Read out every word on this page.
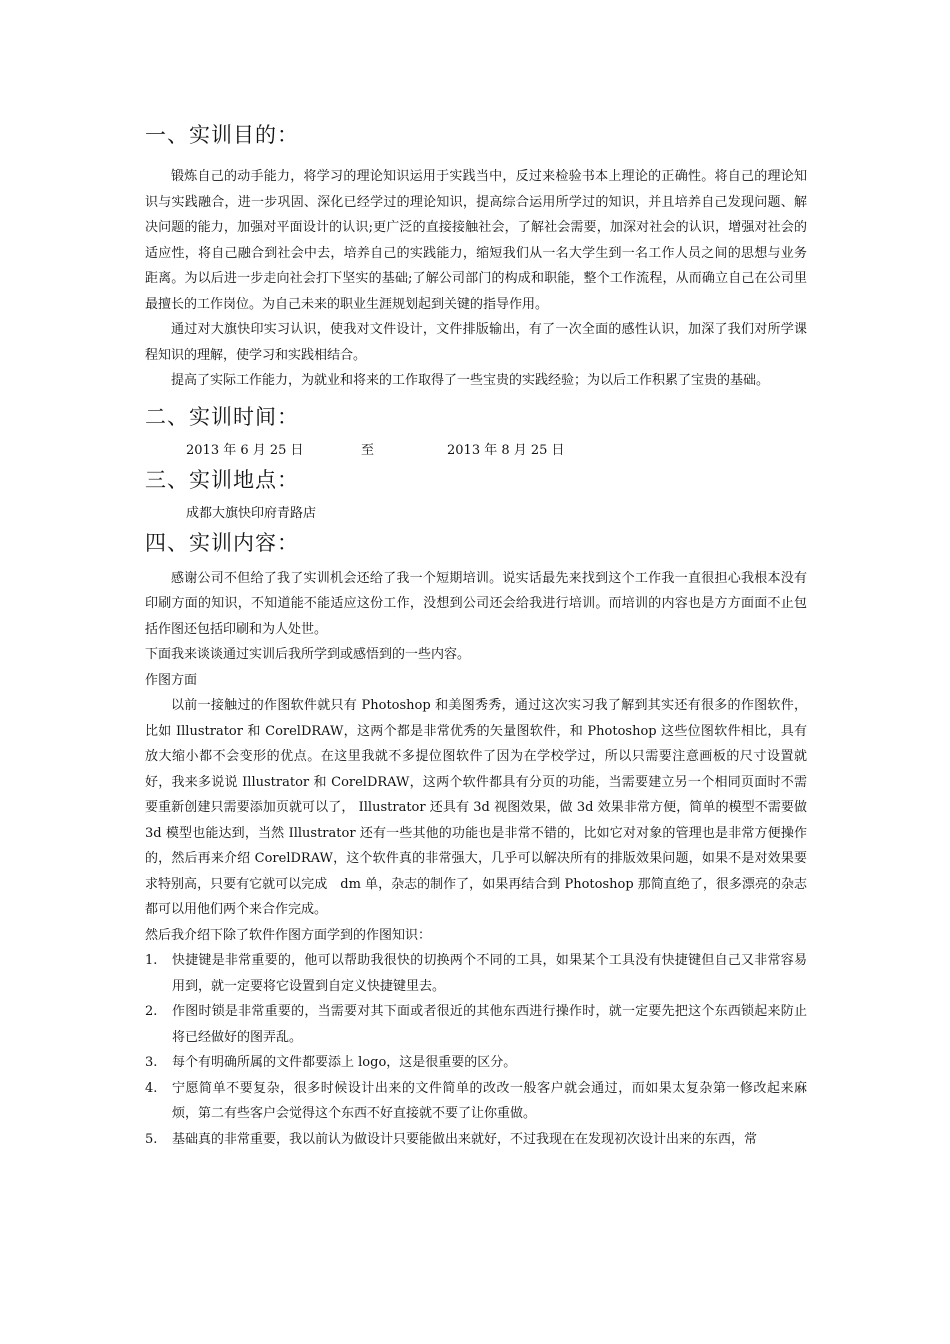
一、实训目的：

锻炼自己的动手能力，将学习的理论知识运用于实践当中，反过来检验书本上理论的正确性。将自己的理论知识与实践融合，进一步巩固、深化已经学过的理论知识，提高综合运用所学过的知识，并且培养自己发现问题、解决问题的能力，加强对平面设计的认识;更广泛的直接接触社会，了解社会需要，加深对社会的认识，增强对社会的适应性，将自己融合到社会中去，培养自己的实践能力，缩短我们从一名大学生到一名工作人员之间的思想与业务距离。为以后进一步走向社会打下坚实的基础;了解公司部门的构成和职能，整个工作流程，从而确立自己在公司里最擅长的工作岗位。为自己未来的职业生涯规划起到关键的指导作用。

通过对大旗快印实习认识，使我对文件设计，文件排版输出，有了一次全面的感性认识，加深了我们对所学课程知识的理解，使学习和实践相结合。

提高了实际工作能力，为就业和将来的工作取得了一些宝贵的实践经验；为以后工作积累了宝贵的基础。

二、实训时间：
2013 年 6 月 25 日	至	2013 年 8 月 25 日
三、实训地点：
成都大旗快印府青路店
四、实训内容：

感谢公司不但给了我了实训机会还给了我一个短期培训。说实话最先来找到这个工作我一直很担心我根本没有印刷方面的知识，不知道能不能适应这份工作，没想到公司还会给我进行培训。而培训的内容也是方方面面不止包括作图还包括印刷和为人处世。

下面我来谈谈通过实训后我所学到或感悟到的一些内容。

作图方面

以前一接触过的作图软件就只有 Photoshop 和美图秀秀，通过这次实习我了解到其实还有很多的作图软件，比如 Illustrator 和 CorelDRAW，这两个都是非常优秀的矢量图软件，和 Photoshop 这些位图软件相比，具有放大缩小都不会变形的优点。在这里我就不多提位图软件了因为在学校学过，所以只需要注意画板的尺寸设置就好，我来多说说 Illustrator 和 CorelDRAW，这两个软件都具有分页的功能，当需要建立另一个相同页面时不需要重新创建只需要添加页就可以了， Illustrator 还具有 3d 视图效果，做 3d 效果非常方便，简单的模型不需要做 3d 模型也能达到，当然 Illustrator 还有一些其他的功能也是非常不错的，比如它对对象的管理也是非常方便操作的，然后再来介绍 CorelDRAW，这个软件真的非常强大，几乎可以解决所有的排版效果问题，如果不是对效果要求特别高，只要有它就可以完成　dm 单，杂志的制作了，如果再结合到 Photoshop 那简直绝了，很多漂亮的杂志都可以用他们两个来合作完成。

然后我介绍下除了软件作图方面学到的作图知识：

1. 快捷键是非常重要的，他可以帮助我很快的切换两个不同的工具，如果某个工具没有快捷键但自己又非常容易用到，就一定要将它设置到自定义快捷键里去。
2. 作图时锁是非常重要的，当需要对其下面或者很近的其他东西进行操作时，就一定要先把这个东西锁起来防止将已经做好的图弄乱。
3. 每个有明确所属的文件都要添上 logo，这是很重要的区分。
4. 宁愿简单不要复杂，很多时候设计出来的文件简单的改改一般客户就会通过，而如果太复杂第一修改起来麻烦，第二有些客户会觉得这个东西不好直接就不要了让你重做。
5. 基础真的非常重要，我以前认为做设计只要能做出来就好，不过我现在在发现初次设计出来的东西，常
